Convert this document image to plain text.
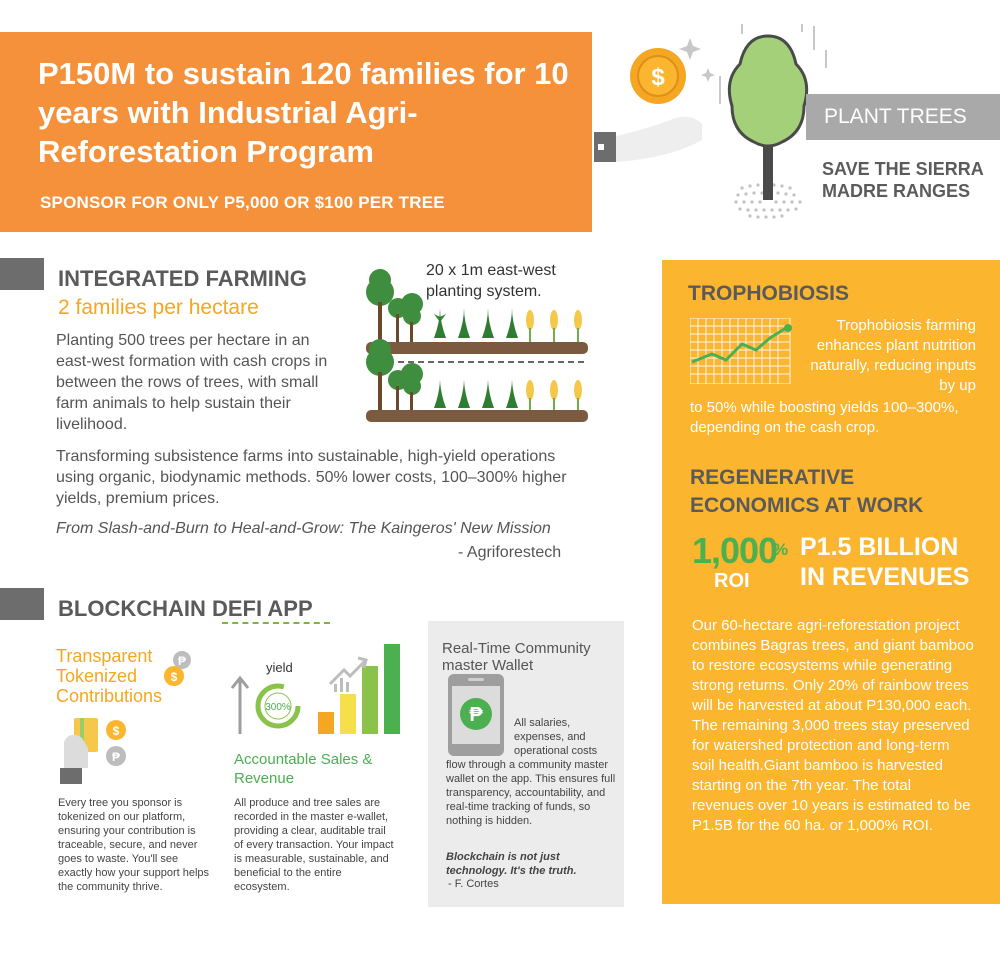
P150M to sustain 120 families for 10 years with Industrial Agri-Reforestation Program
SPONSOR FOR ONLY P5,000 OR $100 PER TREE
$
PLANT TREES
SAVE THE SIERRA MADRE RANGES
INTEGRATED FARMING
2 families per hectare
Planting 500 trees per hectare in an east-west formation with cash crops in between the rows of trees, with small farm animals to help sustain their livelihood.
20 x 1m east-west planting system.
Transforming subsistence farms into sustainable, high-yield operations using organic, biodynamic methods. 50% lower costs, 100–300% higher yields, premium prices.
From Slash-and-Burn to Heal-and-Grow: The Kaingeros' New Mission
- Agriforestech
BLOCKCHAIN DEFI APP
Transparent Tokenized Contributions
₱
$
$
₱
Every tree you sponsor is tokenized on our platform, ensuring your contribution is traceable, secure, and never goes to waste. You'll see exactly how your support helps the community thrive.
yield
300%
Accountable Sales & Revenue
All produce and tree sales are recorded in the master e-wallet, providing a clear, auditable trail of every transaction. Your impact is measurable, sustainable, and beneficial to the entire ecosystem.
Real-Time Community master Wallet
₱	All salaries, expenses, and operational costs
flow through a community master wallet on the app. This ensures full transparency, accountability, and real-time tracking of funds, so nothing is hidden.
Blockchain is not just technology. It's the truth.
- F. Cortes
TROPHOBIOSIS
Trophobiosis farming enhances plant nutrition naturally, reducing inputs by up
to 50% while boosting yields 100–300%, depending on the cash crop.
REGENERATIVE ECONOMICS AT WORK
1,000
%
ROI
P1.5 BILLION IN REVENUES
Our 60-hectare agri-reforestation project combines Bagras trees, and giant bamboo to restore ecosystems while generating strong returns. Only 20% of rainbow trees will be harvested at about P130,000 each. The remaining 3,000 trees stay preserved for watershed protection and long-term soil health.Giant bamboo is harvested starting on the 7th year. The total revenues over 10 years is estimated to be P1.5B for the 60 ha. or 1,000% ROI.
